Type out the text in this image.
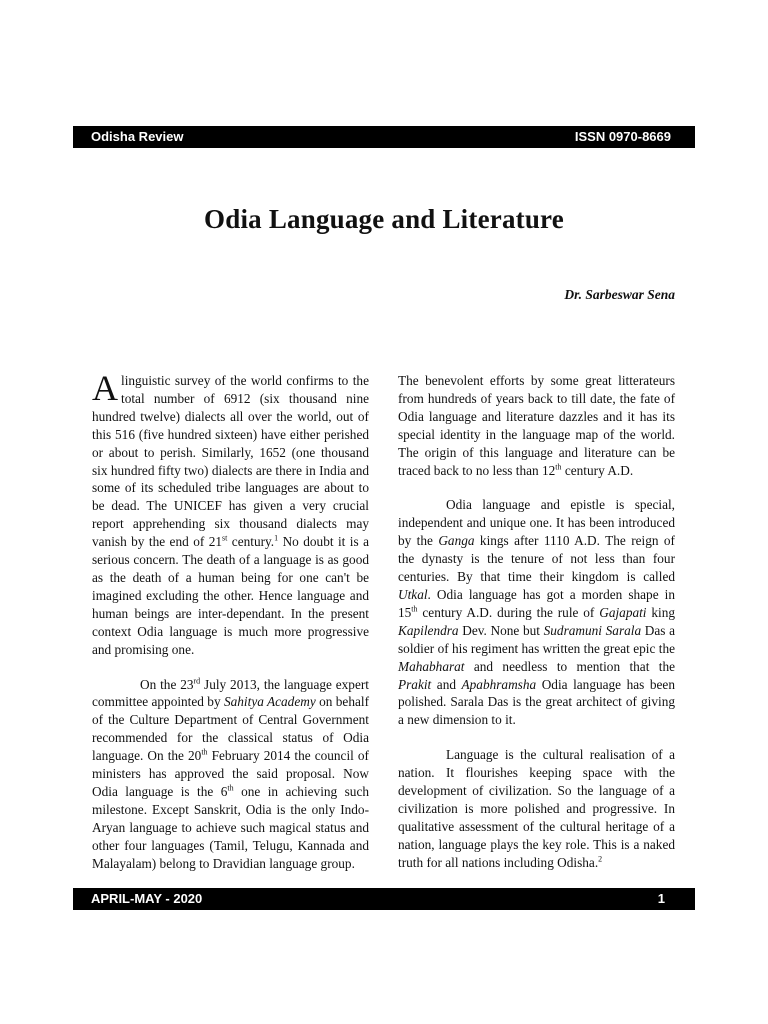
Odisha Review	ISSN 0970-8669
Odia Language and Literature
Dr. Sarbeswar Sena

A linguistic survey of the world confirms to the total number of 6912 (six thousand nine hundred twelve) dialects all over the world, out of this 516 (five hundred sixteen) have either perished or about to perish. Similarly, 1652 (one thousand six hundred fifty two) dialects are there in India and some of its scheduled tribe languages are about to be dead. The UNICEF has given a very crucial report apprehending six thousand dialects may vanish by the end of 21st century.$^1$ No doubt it is a serious concern. The death of a language is as good as the death of a human being for one can't be imagined excluding the other. Hence language and human beings are inter-dependant. In the present context Odia language is much more progressive and promising one.

On the 23rd July 2013, the language expert committee appointed by Sahitya Academy on behalf of the Culture Department of Central Government recommended for the classical status of Odia language. On the 20th February 2014 the council of ministers has approved the said proposal. Now Odia language is the 6th one in achieving such milestone. Except Sanskrit, Odia is the only Indo-Aryan language to achieve such magical status and other four languages (Tamil, Telugu, Kannada and Malayalam) belong to Dravidian language group.

The benevolent efforts by some great litterateurs from hundreds of years back to till date, the fate of Odia language and literature dazzles and it has its special identity in the language map of the world. The origin of this language and literature can be traced back to no less than 12th century A.D.

Odia language and epistle is special, independent and unique one. It has been introduced by the Ganga kings after 1110 A.D. The reign of the dynasty is the tenure of not less than four centuries. By that time their kingdom is called Utkal. Odia language has got a morden shape in 15th century A.D. during the rule of Gajapati king Kapilendra Dev. None but Sudramuni Sarala Das a soldier of his regiment has written the great epic the Mahabharat and needless to mention that the Prakit and Apabhramsha Odia language has been polished. Sarala Das is the great architect of giving a new dimension to it.

Language is the cultural realisation of a nation. It flourishes keeping space with the development of civilization. So the language of a civilization is more polished and progressive. In qualitative assessment of the cultural heritage of a nation, language plays the key role. This is a naked truth for all nations including Odisha.$^2$

APRIL-MAY - 2020	1
